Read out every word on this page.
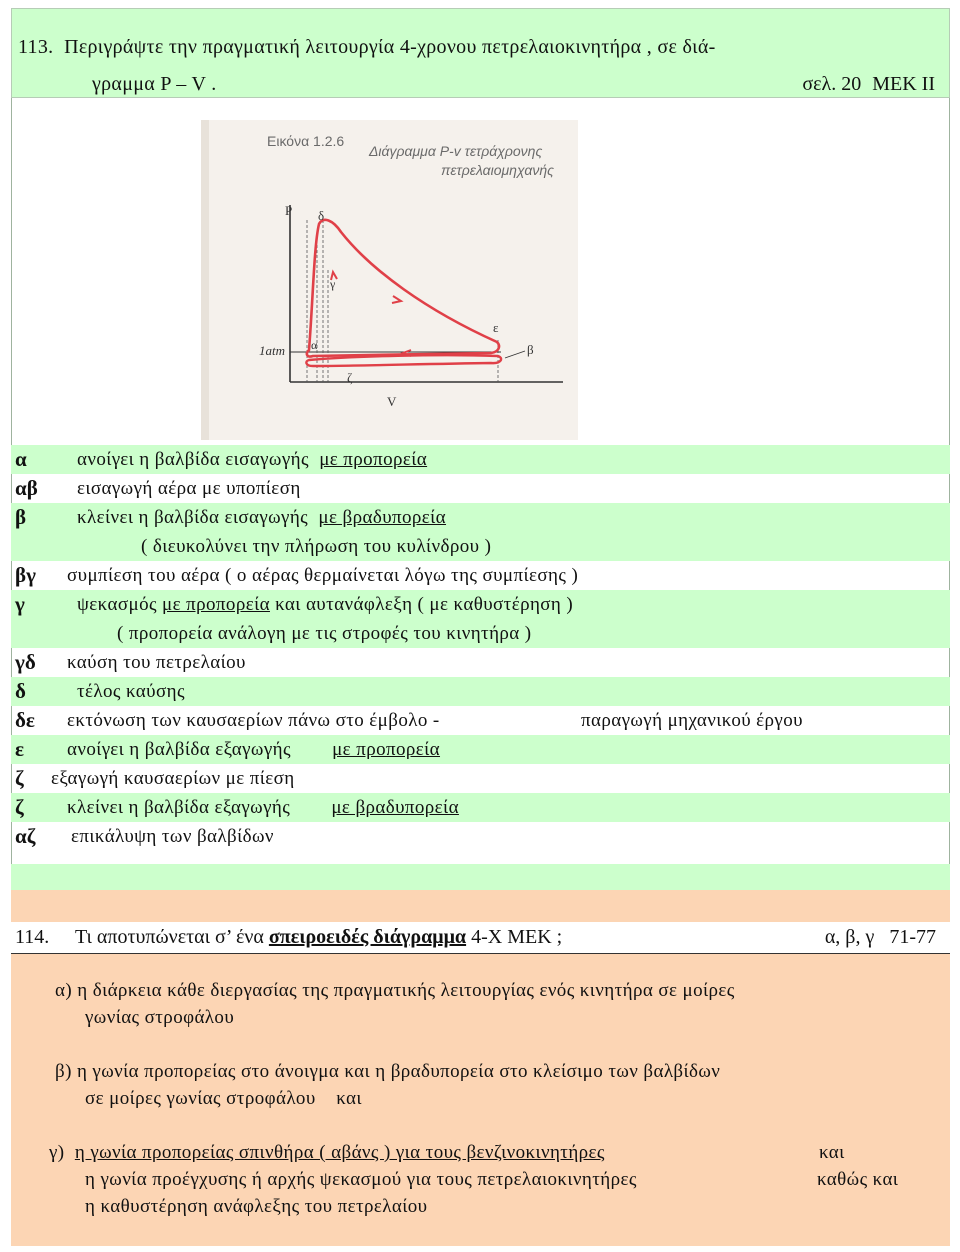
113. Περιγράψτε την πραγματική λειτουργία 4-χρονου πετρελαιοκινητήρα , σε διά-
γραμμα P – V .	σελ. 20 ΜΕΚ ΙΙ
Εικόνα 1.2.6
Διάγραμμα P-v τετράχρονης
πετρελαιομηχανής
P
V
1atm
δ
γ
ε
α	β
ζ
α	ανοίγει η βαλβίδα εισαγωγής με προπορεία
αβ εισαγωγή αέρα με υποπίεση
β	κλείνει η βαλβίδα εισαγωγής με βραδυπορεία
( διευκολύνει την πλήρωση του κυλίνδρου )
βγ συμπίεση του αέρα ( ο αέρας θερμαίνεται λόγω της συμπίεσης )
γ	ψεκασμός με προπορεία και αυτανάφλεξη ( με καθυστέρηση )
( προπορεία ανάλογη με τις στροφές του κινητήρα )
γδ καύση του πετρελαίου
δ	τέλος καύσης
δε εκτόνωση των καυσαερίων πάνω στο έμβολο -	παραγωγή μηχανικού έργου
ε ανοίγει η βαλβίδα εξαγωγής με προπορεία
ζ εξαγωγή καυσαερίων με πίεση
ζ κλείνει η βαλβίδα εξαγωγής με βραδυπορεία
αζ επικάλυψη των βαλβίδων
114. Τι αποτυπώνεται σ’ ένα σπειροειδές διάγραμμα 4-Χ ΜΕΚ ;	α, β, γ 71-77
α) η διάρκεια κάθε διεργασίας της πραγματικής λειτουργίας ενός κινητήρα σε μοίρες
γωνίας στροφάλου
β) η γωνία προπορείας στο άνοιγμα και η βραδυπορεία στο κλείσιμο των βαλβίδων
σε μοίρες γωνίας στροφάλου και
γ) η γωνία προπορείας σπινθήρα ( αβάνς ) για τους βενζινοκινητήρες	και
η γωνία προέγχυσης ή αρχής ψεκασμού για τους πετρελαιοκινητήρες	καθώς και
η καθυστέρηση ανάφλεξης του πετρελαίου
